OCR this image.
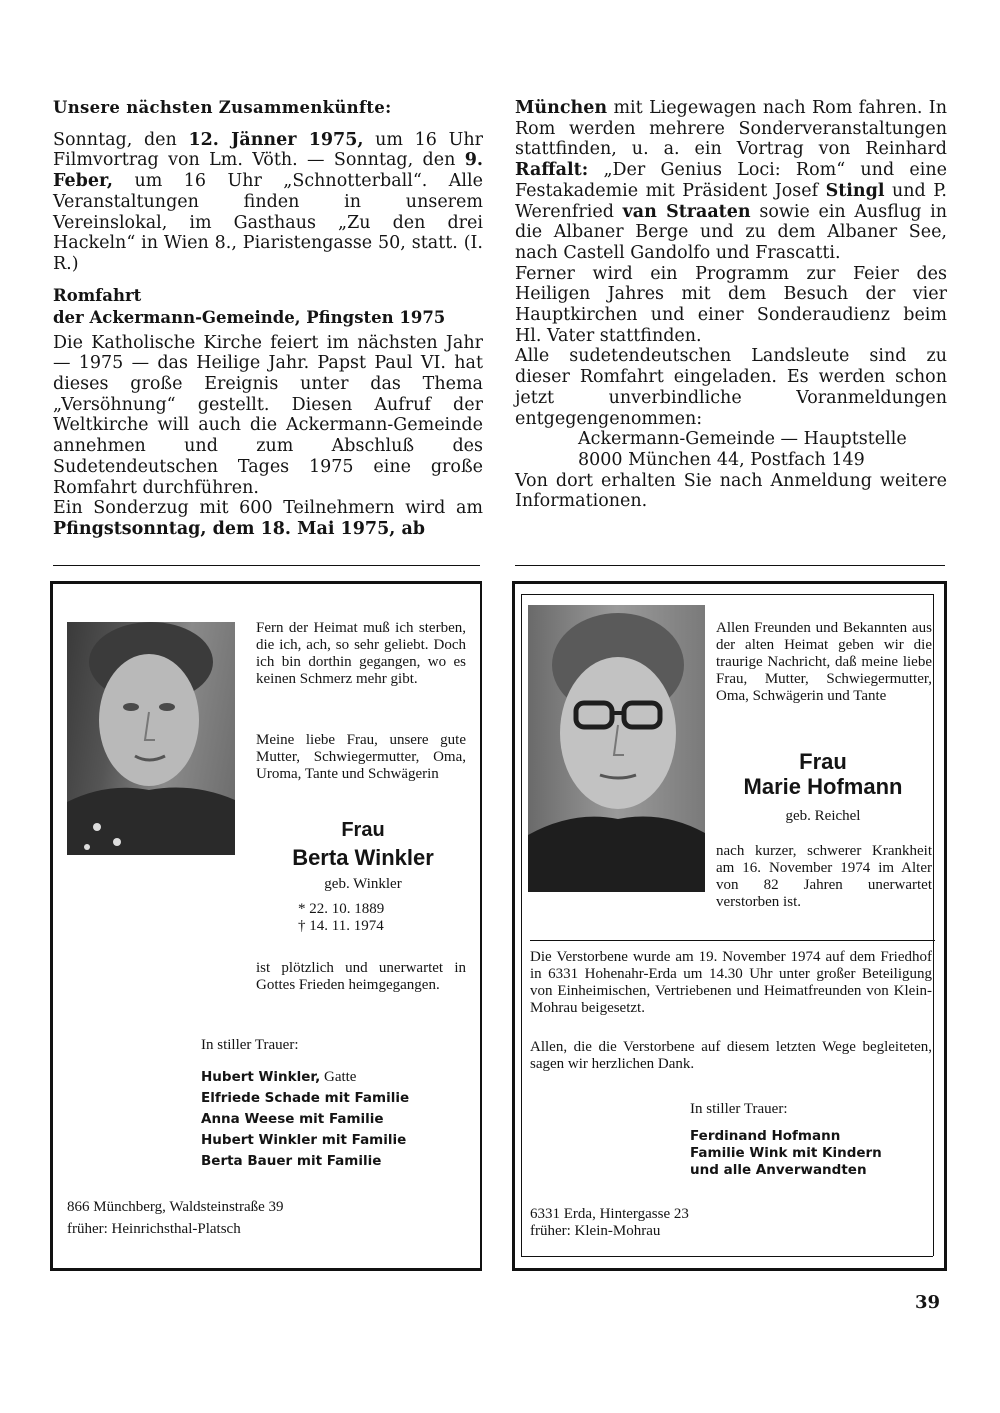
Unsere nächsten Zusammenkünfte:

Sonntag, den 12. Jänner 1975, um 16 Uhr Filmvortrag von Lm. Vöth. — Sonntag, den 9. Feber, um 16 Uhr „Schnotterball“. Alle Veranstaltungen finden in unserem Vereinslokal, im Gasthaus „Zu den drei Hackeln“ in Wien 8., Piaristengasse 50, statt. (I. R.)

Romfahrt
der Ackermann-Gemeinde, Pfingsten 1975

Die Katholische Kirche feiert im nächsten Jahr — 1975 — das Heilige Jahr. Papst Paul VI. hat dieses große Ereignis unter das Thema „Versöhnung“ gestellt. Diesen Aufruf der Weltkirche will auch die Ackermann-Gemeinde annehmen und zum Abschluß des Sudetendeutschen Tages 1975 eine große Romfahrt durchführen.

Ein Sonderzug mit 600 Teilnehmern wird am Pfingstsonntag, dem 18. Mai 1975, ab

München mit Liegewagen nach Rom fahren. In Rom werden mehrere Sonderveranstaltungen stattfinden, u. a. ein Vortrag von Reinhard Raffalt: „Der Genius Loci: Rom“ und eine Festakademie mit Präsident Josef Stingl und P. Werenfried van Straaten sowie ein Ausflug in die Albaner Berge und zu dem Albaner See, nach Castell Gandolfo und Frascatti.

Ferner wird ein Programm zur Feier des Heiligen Jahres mit dem Besuch der vier Hauptkirchen und einer Sonderaudienz beim Hl. Vater stattfinden.

Alle sudetendeutschen Landsleute sind zu dieser Romfahrt eingeladen. Es werden schon jetzt unverbindliche Voranmeldungen entgegengenommen:

Ackermann-Gemeinde — Hauptstelle
8000 München 44, Postfach 149

Von dort erhalten Sie nach Anmeldung weitere Informationen.

Fern der Heimat muß ich sterben, die ich, ach, so sehr geliebt. Doch ich bin dorthin gegangen, wo es keinen Schmerz mehr gibt.

Meine liebe Frau, unsere gute Mutter, Schwiegermutter, Oma, Uroma, Tante und Schwägerin
Frau
Berta Winkler
geb. Winkler
* 22. 10. 1889
† 14. 11. 1974
ist plötzlich und unerwartet in Gottes Frieden heimgegangen.
In stiller Trauer:
Hubert Winkler, Gatte
Elfriede Schade mit Familie
Anna Weese mit Familie
Hubert Winkler mit Familie
Berta Bauer mit Familie
866 Münchberg, Waldsteinstraße 39
früher: Heinrichsthal-Platsch
Allen Freunden und Bekannten aus der alten Heimat geben wir die traurige Nachricht, daß meine liebe Frau, Mutter, Schwiegermutter, Oma, Schwägerin und Tante
Frau
Marie Hofmann
geb. Reichel
nach kurzer, schwerer Krankheit am 16. November 1974 im Alter von 82 Jahren unerwartet verstorben ist.
Die Verstorbene wurde am 19. November 1974 auf dem Friedhof in 6331 Hohenahr-Erda um 14.30 Uhr unter großer Beteiligung von Einheimischen, Vertriebenen und Heimatfreunden von Klein-Mohrau beigesetzt.
Allen, die die Verstorbene auf diesem letzten Wege begleiteten, sagen wir herzlichen Dank.
In stiller Trauer:
Ferdinand Hofmann
Familie Wink mit Kindern
und alle Anverwandten
6331 Erda, Hintergasse 23
früher: Klein-Mohrau
39
